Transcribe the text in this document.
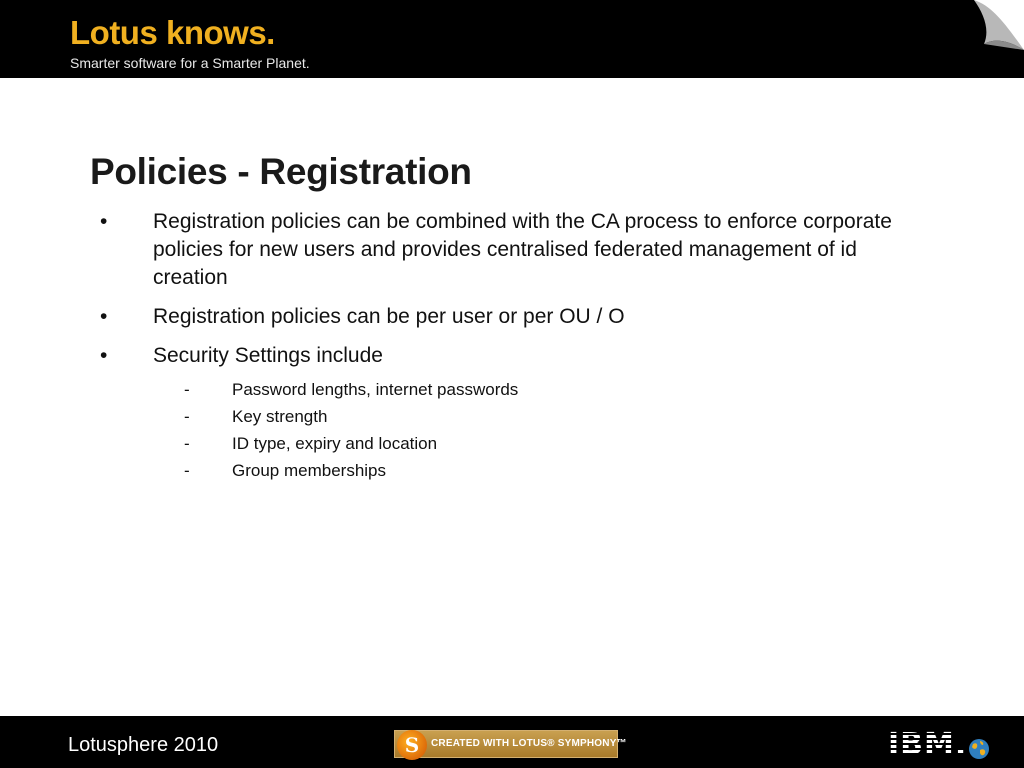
Lotus knows.
Smarter software for a Smarter Planet.
Policies - Registration
• Registration policies can be combined with the CA process to enforce corporate policies for new users and provides centralised federated management of id creation
• Registration policies can be per user or per OU / O
• Security Settings include
- Password lengths, internet passwords
- Key strength
- ID type, expiry and location
- Group memberships
Lotusphere 2010	S	CREATED WITH LOTUS® SYMPHONY™	IBM.
